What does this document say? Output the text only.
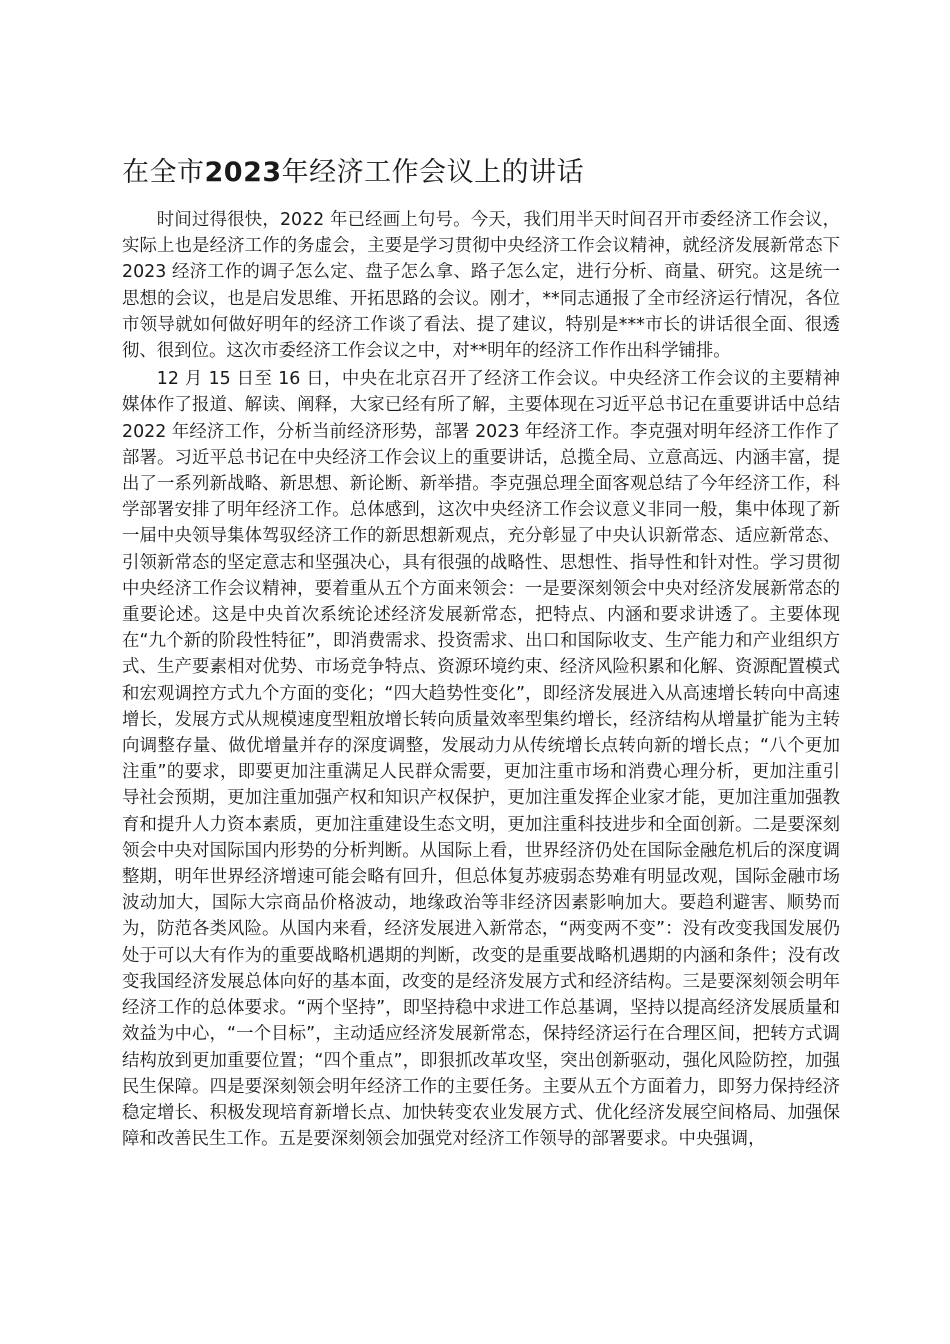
在全市2023年经济工作会议上的讲话

时间过得很快，2022 年已经画上句号。今天，我们用半天时间召开市委经济工作会议，实际上也是经济工作的务虚会，主要是学习贯彻中央经济工作会议精神，就经济发展新常态下 2023 经济工作的调子怎么定、盘子怎么拿、路子怎么定，进行分析、商量、研究。这是统一思想的会议，也是启发思维、开拓思路的会议。刚才，**同志通报了全市经济运行情况，各位市领导就如何做好明年的经济工作谈了看法、提了建议，特别是***市长的讲话很全面、很透彻、很到位。这次市委经济工作会议之中，对**明年的经济工作作出科学铺排。

12 月 15 日至 16 日，中央在北京召开了经济工作会议。中央经济工作会议的主要精神媒体作了报道、解读、阐释，大家已经有所了解，主要体现在习近平总书记在重要讲话中总结 2022 年经济工作，分析当前经济形势，部署 2023 年经济工作。李克强对明年经济工作作了部署。习近平总书记在中央经济工作会议上的重要讲话，总揽全局、立意高远、内涵丰富，提出了一系列新战略、新思想、新论断、新举措。李克强总理全面客观总结了今年经济工作，科学部署安排了明年经济工作。总体感到，这次中央经济工作会议意义非同一般，集中体现了新一届中央领导集体驾驭经济工作的新思想新观点，充分彰显了中央认识新常态、适应新常态、引领新常态的坚定意志和坚强决心，具有很强的战略性、思想性、指导性和针对性。学习贯彻中央经济工作会议精神，要着重从五个方面来领会：一是要深刻领会中央对经济发展新常态的重要论述。这是中央首次系统论述经济发展新常态，把特点、内涵和要求讲透了。主要体现在“九个新的阶段性特征”，即消费需求、投资需求、出口和国际收支、生产能力和产业组织方式、生产要素相对优势、市场竞争特点、资源环境约束、经济风险积累和化解、资源配置模式和宏观调控方式九个方面的变化；“四大趋势性变化”，即经济发展进入从高速增长转向中高速增长，发展方式从规模速度型粗放增长转向质量效率型集约增长，经济结构从增量扩能为主转向调整存量、做优增量并存的深度调整，发展动力从传统增长点转向新的增长点；“八个更加注重”的要求，即要更加注重满足人民群众需要，更加注重市场和消费心理分析，更加注重引导社会预期，更加注重加强产权和知识产权保护，更加注重发挥企业家才能，更加注重加强教育和提升人力资本素质，更加注重建设生态文明，更加注重科技进步和全面创新。二是要深刻领会中央对国际国内形势的分析判断。从国际上看，世界经济仍处在国际金融危机后的深度调整期，明年世界经济增速可能会略有回升，但总体复苏疲弱态势难有明显改观，国际金融市场波动加大，国际大宗商品价格波动，地缘政治等非经济因素影响加大。要趋利避害、顺势而为，防范各类风险。从国内来看，经济发展进入新常态，“两变两不变”：没有改变我国发展仍处于可以大有作为的重要战略机遇期的判断，改变的是重要战略机遇期的内涵和条件；没有改变我国经济发展总体向好的基本面，改变的是经济发展方式和经济结构。三是要深刻领会明年经济工作的总体要求。“两个坚持”，即坚持稳中求进工作总基调，坚持以提高经济发展质量和效益为中心，“一个目标”，主动适应经济发展新常态，保持经济运行在合理区间，把转方式调结构放到更加重要位置；“四个重点”，即狠抓改革攻坚，突出创新驱动，强化风险防控，加强民生保障。四是要深刻领会明年经济工作的主要任务。主要从五个方面着力，即努力保持经济稳定增长、积极发现培育新增长点、加快转变农业发展方式、优化经济发展空间格局、加强保障和改善民生工作。五是要深刻领会加强党对经济工作领导的部署要求。中央强调，
